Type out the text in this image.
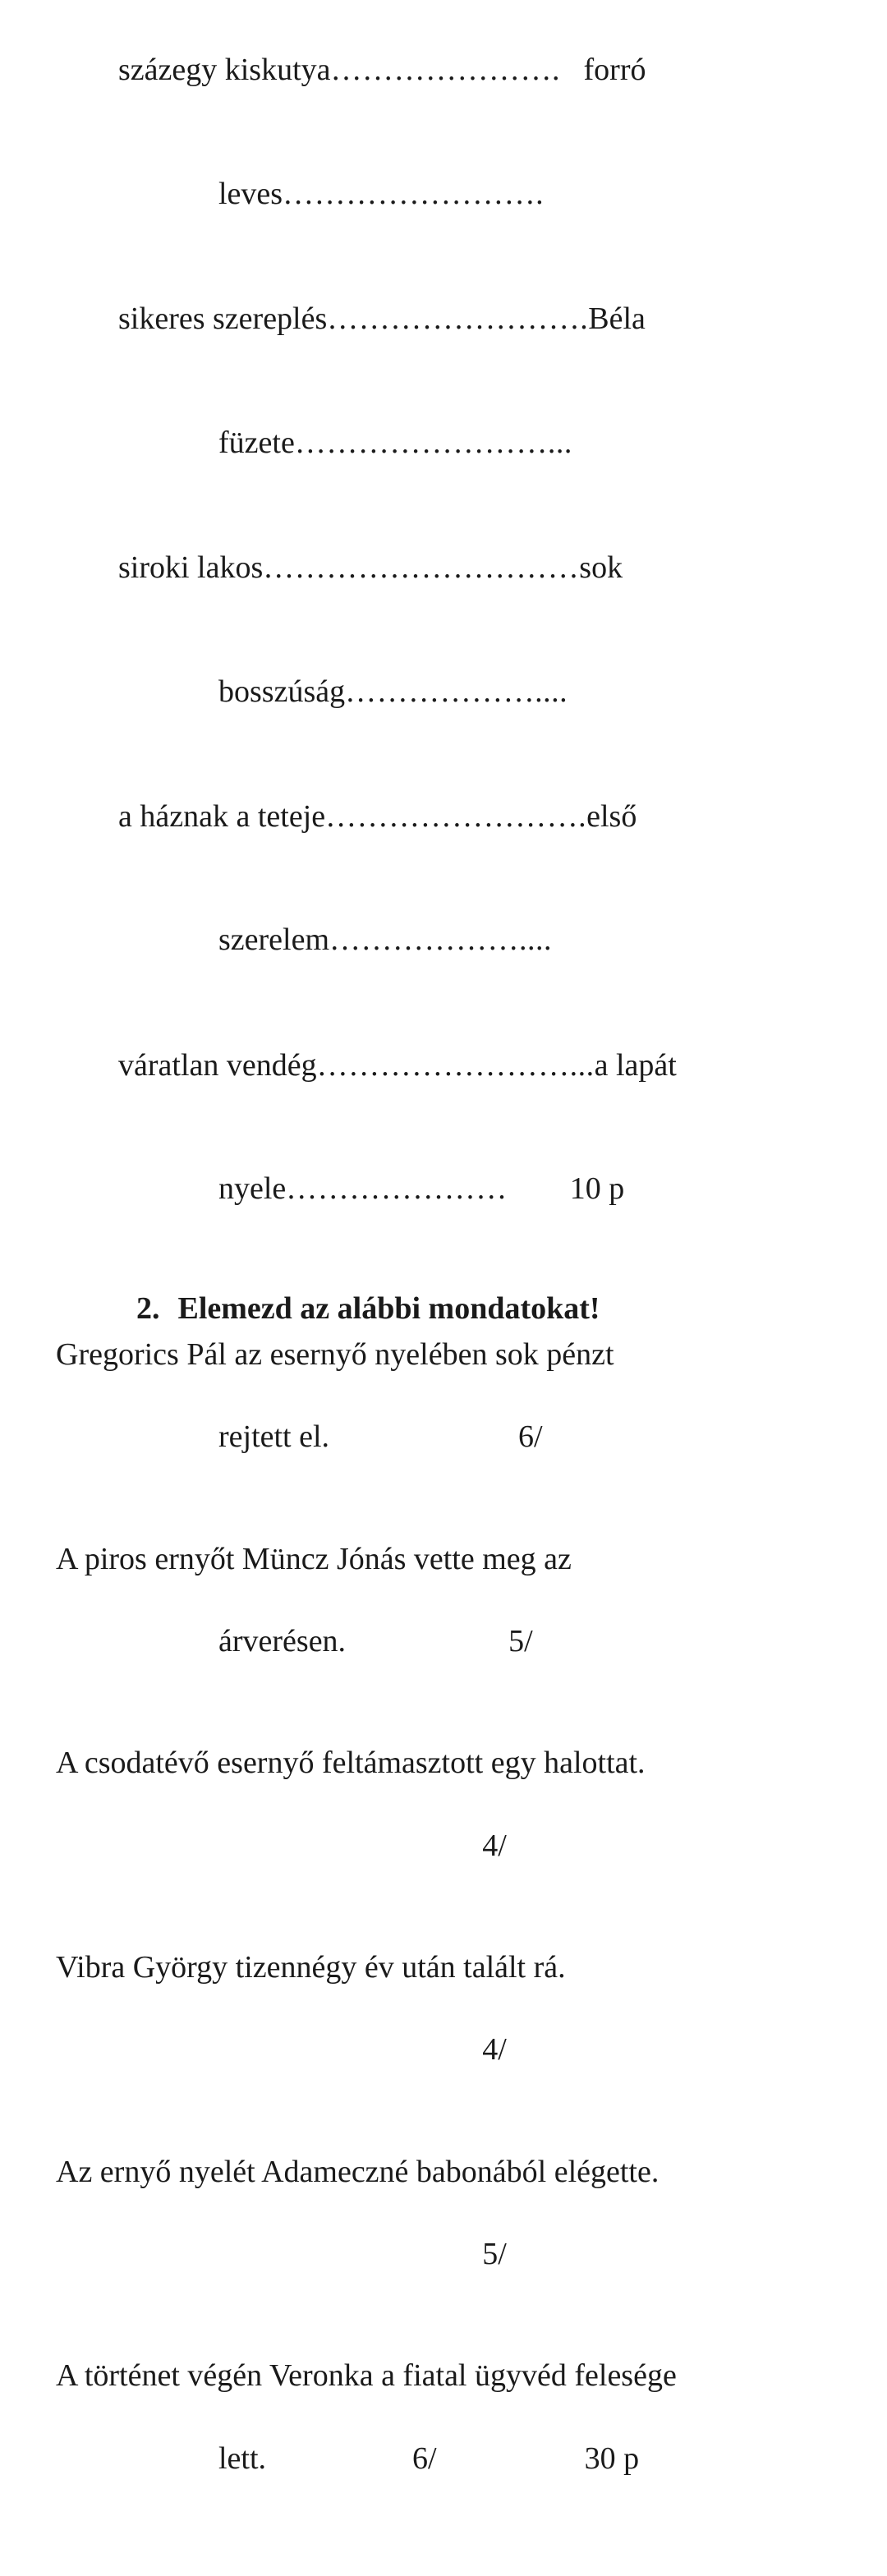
százegy kiskutya…………………. forró

leves…………………….

sikeres szereplés…………………….Béla

füzete……………………...

siroki lakos…………………………sok

bosszúság………………....

a háznak a teteje…………………….első

szerelem………………....

váratlan vendég……………………...a lapát

nyele………………… 10 p

2. Elemezd az alábbi mondatokat!
Gregorics Pál az esernyő nyelében sok pénzt

rejtett el.	6/

A piros ernyőt Müncz Jónás vette meg az

árverésen.	5/

A csodatévő esernyő feltámasztott egy halottat.

4/

Vibra György tizennégy év után talált rá.

4/

Az ernyő nyelét Adameczné babonából elégette.

5/

A történet végén Veronka a fiatal ügyvéd felesége

lett.	6/	30 p
